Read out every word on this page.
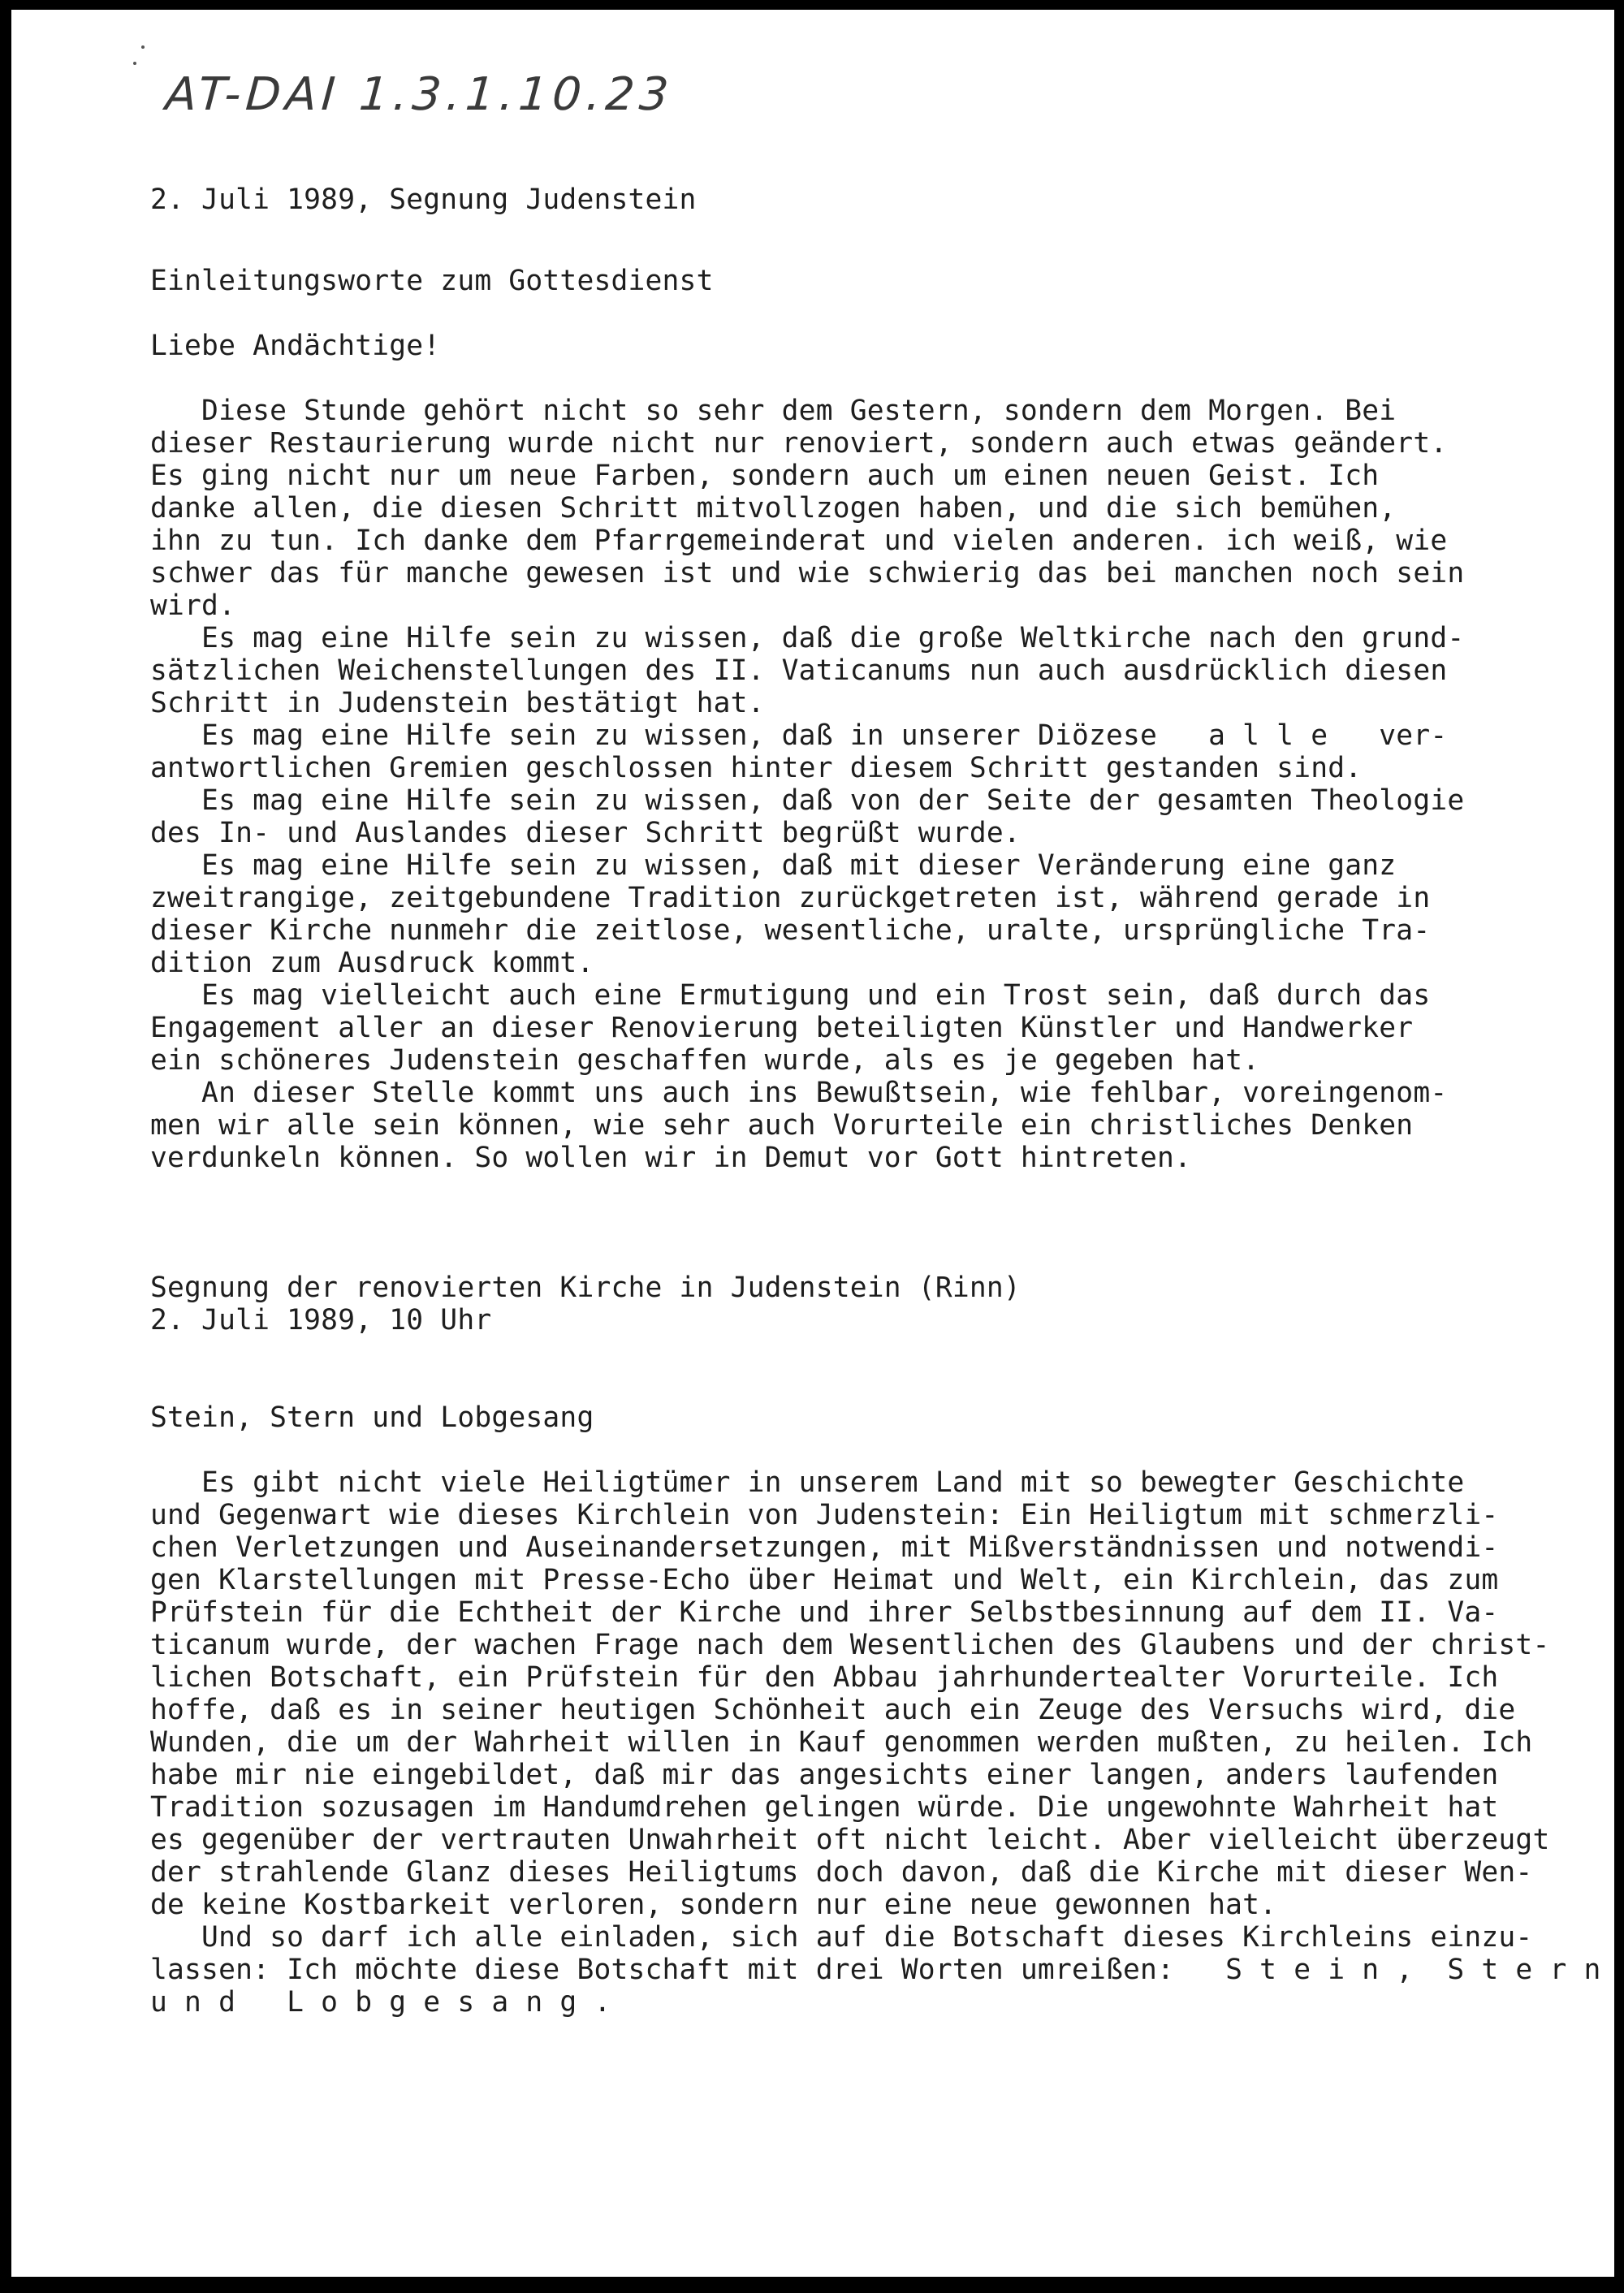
AT-DAI 1.3.1.10.23
2. Juli 1989, Segnung Judenstein
Einleitungsworte zum Gottesdienst
Liebe Andächtige!
Diese Stunde gehört nicht so sehr dem Gestern, sondern dem Morgen. Bei
dieser Restaurierung wurde nicht nur renoviert, sondern auch etwas geändert.
Es ging nicht nur um neue Farben, sondern auch um einen neuen Geist. Ich
danke allen, die diesen Schritt mitvollzogen haben, und die sich bemühen,
ihn zu tun. Ich danke dem Pfarrgemeinderat und vielen anderen. ich weiß, wie
schwer das für manche gewesen ist und wie schwierig das bei manchen noch sein
wird.
Es mag eine Hilfe sein zu wissen, daß die große Weltkirche nach den grund-
sätzlichen Weichenstellungen des II. Vaticanums nun auch ausdrücklich diesen
Schritt in Judenstein bestätigt hat.
Es mag eine Hilfe sein zu wissen, daß in unserer Diözese   a l l e   ver-
antwortlichen Gremien geschlossen hinter diesem Schritt gestanden sind.
Es mag eine Hilfe sein zu wissen, daß von der Seite der gesamten Theologie
des In- und Auslandes dieser Schritt begrüßt wurde.
Es mag eine Hilfe sein zu wissen, daß mit dieser Veränderung eine ganz
zweitrangige, zeitgebundene Tradition zurückgetreten ist, während gerade in
dieser Kirche nunmehr die zeitlose, wesentliche, uralte, ursprüngliche Tra-
dition zum Ausdruck kommt.
Es mag vielleicht auch eine Ermutigung und ein Trost sein, daß durch das
Engagement aller an dieser Renovierung beteiligten Künstler und Handwerker
ein schöneres Judenstein geschaffen wurde, als es je gegeben hat.
An dieser Stelle kommt uns auch ins Bewußtsein, wie fehlbar, voreingenom-
men wir alle sein können, wie sehr auch Vorurteile ein christliches Denken
verdunkeln können. So wollen wir in Demut vor Gott hintreten.
Segnung der renovierten Kirche in Judenstein (Rinn)
2. Juli 1989, 10 Uhr
Stein, Stern und Lobgesang
Es gibt nicht viele Heiligtümer in unserem Land mit so bewegter Geschichte
und Gegenwart wie dieses Kirchlein von Judenstein: Ein Heiligtum mit schmerzli-
chen Verletzungen und Auseinandersetzungen, mit Mißverständnissen und notwendi-
gen Klarstellungen mit Presse-Echo über Heimat und Welt, ein Kirchlein, das zum
Prüfstein für die Echtheit der Kirche und ihrer Selbstbesinnung auf dem II. Va-
ticanum wurde, der wachen Frage nach dem Wesentlichen des Glaubens und der christ-
lichen Botschaft, ein Prüfstein für den Abbau jahrhundertealter Vorurteile. Ich
hoffe, daß es in seiner heutigen Schönheit auch ein Zeuge des Versuchs wird, die
Wunden, die um der Wahrheit willen in Kauf genommen werden mußten, zu heilen. Ich
habe mir nie eingebildet, daß mir das angesichts einer langen, anders laufenden
Tradition sozusagen im Handumdrehen gelingen würde. Die ungewohnte Wahrheit hat
es gegenüber der vertrauten Unwahrheit oft nicht leicht. Aber vielleicht überzeugt
der strahlende Glanz dieses Heiligtums doch davon, daß die Kirche mit dieser Wen-
de keine Kostbarkeit verloren, sondern nur eine neue gewonnen hat.
Und so darf ich alle einladen, sich auf die Botschaft dieses Kirchleins einzu-
lassen: Ich möchte diese Botschaft mit drei Worten umreißen:   S t e i n ,  S t e r n
u n d   L o b g e s a n g .
